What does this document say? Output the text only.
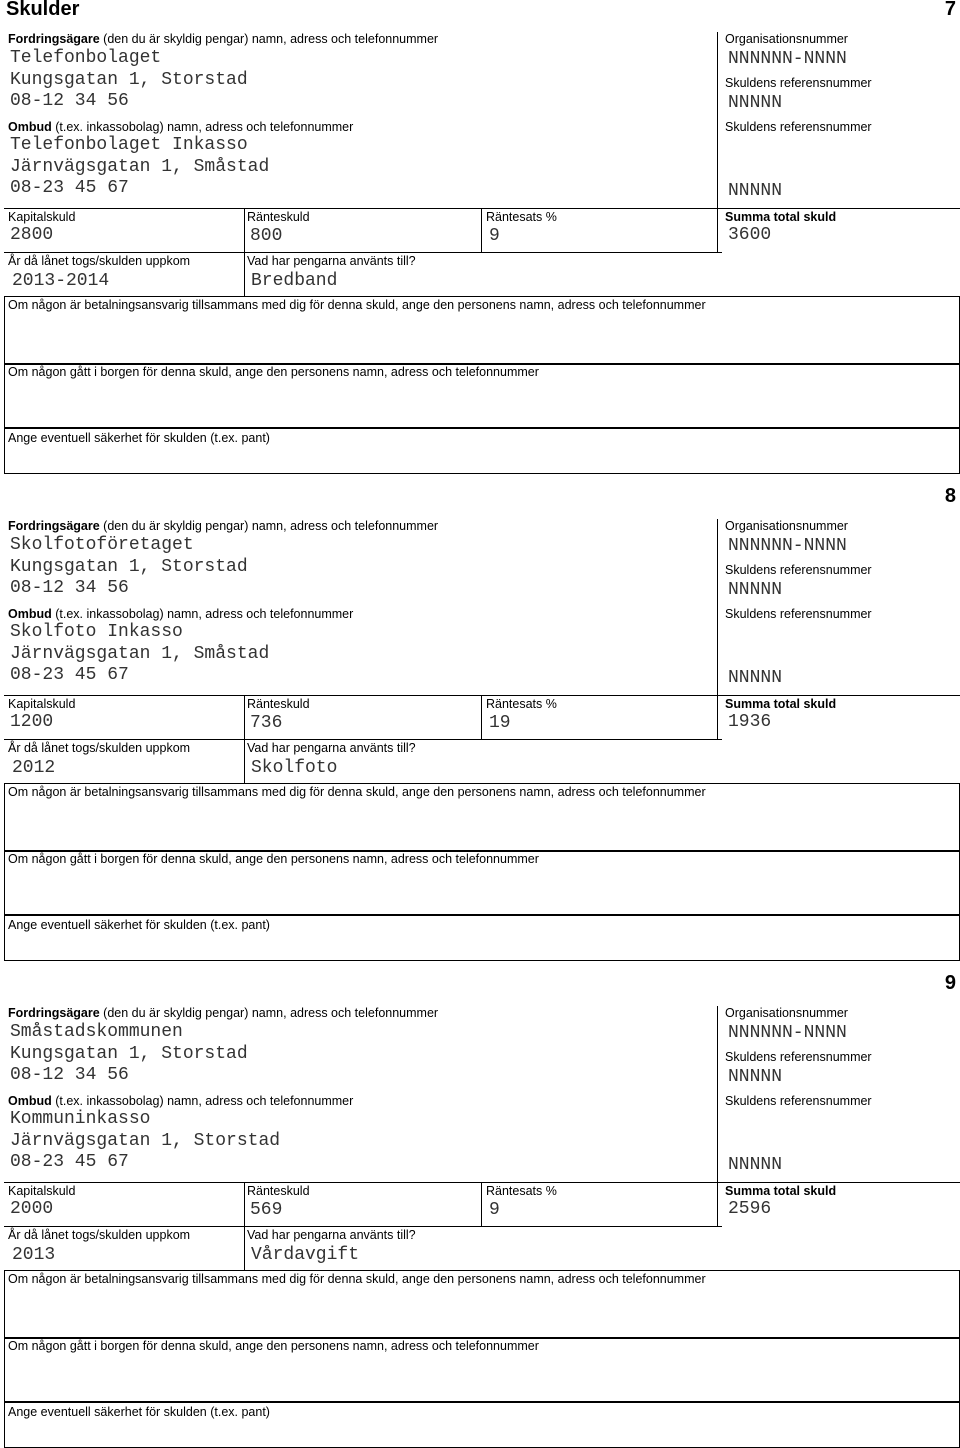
Skulder	7
Fordringsägare (den du är skyldig pengar) namn, adress och telefonnummer
Telefonbolaget
Kungsgatan 1, Storstad
08-12 34 56
Ombud (t.ex. inkassobolag) namn, adress och telefonnummer
Telefonbolaget Inkasso
Järnvägsgatan 1, Småstad
08-23 45 67
Organisationsnummer
NNNNNN-NNNN
Skuldens referensnummer
NNNNN
Skuldens referensnummer
NNNNN
Kapitalskuld
2800
Ränteskuld
800
Räntesats %
9
Summa total skuld
3600
År då lånet togs/skulden uppkom
2013-2014
Vad har pengarna använts till?
Bredband
Om någon är betalningsansvarig tillsammans med dig för denna skuld, ange den personens namn, adress och telefonnummer
Om någon gått i borgen för denna skuld, ange den personens namn, adress och telefonnummer
Ange eventuell säkerhet för skulden (t.ex. pant)
8
Fordringsägare (den du är skyldig pengar) namn, adress och telefonnummer
Skolfotoföretaget
Kungsgatan 1, Storstad
08-12 34 56
Ombud (t.ex. inkassobolag) namn, adress och telefonnummer
Skolfoto Inkasso
Järnvägsgatan 1, Småstad
08-23 45 67
Organisationsnummer
NNNNNN-NNNN
Skuldens referensnummer
NNNNN
Skuldens referensnummer
NNNNN
Kapitalskuld
1200
Ränteskuld
736
Räntesats %
19
Summa total skuld
1936
År då lånet togs/skulden uppkom
2012
Vad har pengarna använts till?
Skolfoto
Om någon är betalningsansvarig tillsammans med dig för denna skuld, ange den personens namn, adress och telefonnummer
Om någon gått i borgen för denna skuld, ange den personens namn, adress och telefonnummer
Ange eventuell säkerhet för skulden (t.ex. pant)
9
Fordringsägare (den du är skyldig pengar) namn, adress och telefonnummer
Småstadskommunen
Kungsgatan 1, Storstad
08-12 34 56
Ombud (t.ex. inkassobolag) namn, adress och telefonnummer
Kommuninkasso
Järnvägsgatan 1, Storstad
08-23 45 67
Organisationsnummer
NNNNNN-NNNN
Skuldens referensnummer
NNNNN
Skuldens referensnummer
NNNNN
Kapitalskuld
2000
Ränteskuld
569
Räntesats %
9
Summa total skuld
2596
År då lånet togs/skulden uppkom
2013
Vad har pengarna använts till?
Vårdavgift
Om någon är betalningsansvarig tillsammans med dig för denna skuld, ange den personens namn, adress och telefonnummer
Om någon gått i borgen för denna skuld, ange den personens namn, adress och telefonnummer
Ange eventuell säkerhet för skulden (t.ex. pant)
